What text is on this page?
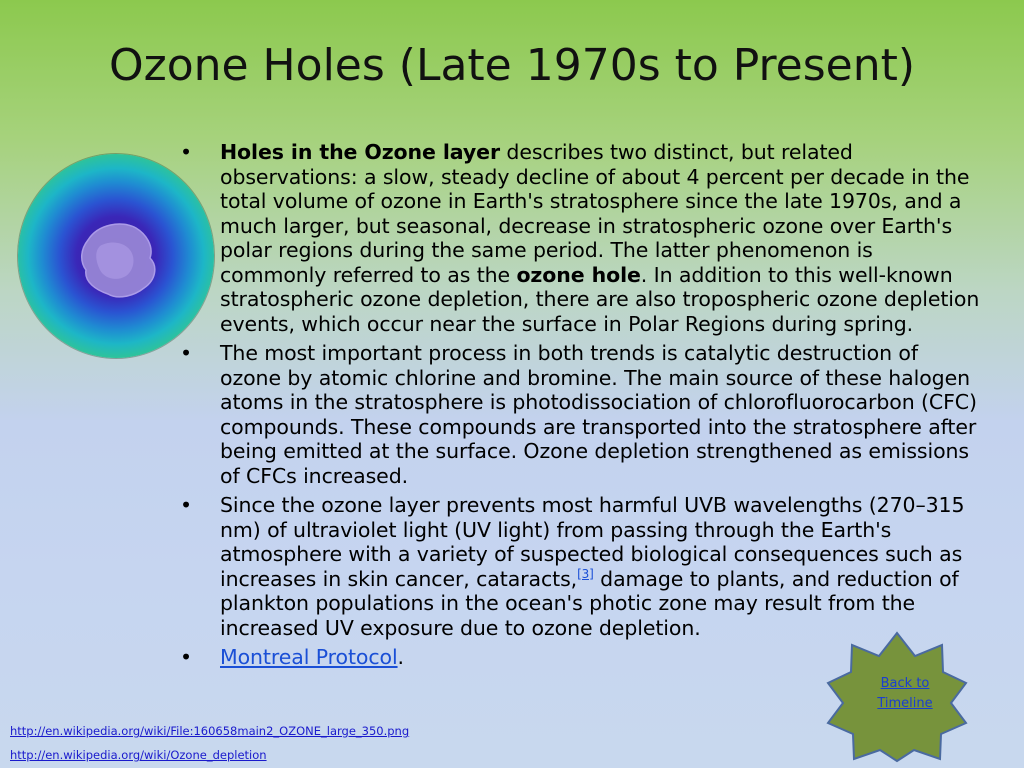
Ozone Holes (Late 1970s to Present)
• Holes in the Ozone layer describes two distinct, but related observations: a slow, steady decline of about 4 percent per decade in the total volume of ozone in Earth's stratosphere since the late 1970s, and a much larger, but seasonal, decrease in stratospheric ozone over Earth's polar regions during the same period. The latter phenomenon is commonly referred to as the ozone hole. In addition to this well-known stratospheric ozone depletion, there are also tropospheric ozone depletion events, which occur near the surface in Polar Regions during spring.
• The most important process in both trends is catalytic destruction of ozone by atomic chlorine and bromine. The main source of these halogen atoms in the stratosphere is photodissociation of chlorofluorocarbon (CFC) compounds. These compounds are transported into the stratosphere after being emitted at the surface. Ozone depletion strengthened as emissions of CFCs increased.
• Since the ozone layer prevents most harmful UVB wavelengths (270–315 nm) of ultraviolet light (UV light) from passing through the Earth's atmosphere with a variety of suspected biological consequences such as increases in skin cancer, cataracts,[3] damage to plants, and reduction of plankton populations in the ocean's photic zone may result from the increased UV exposure due to ozone depletion.
• Montreal Protocol.
Back to
Timeline
http://en.wikipedia.org/wiki/File:160658main2_OZONE_large_350.png
http://en.wikipedia.org/wiki/Ozone_depletion
